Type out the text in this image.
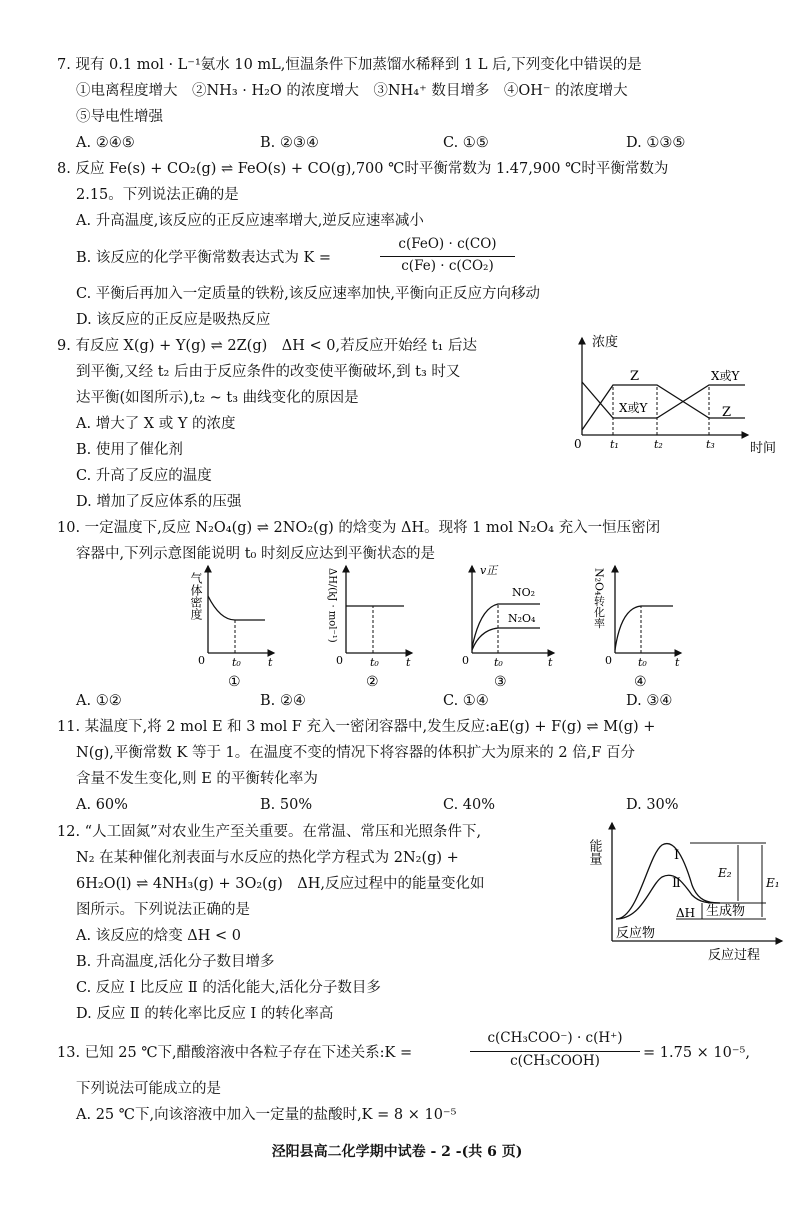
7. 现有 0.1 mol · L⁻¹氨水 10 mL,恒温条件下加蒸馏水稀释到 1 L 后,下列变化中错误的是
①电离程度增大　②NH₃ · H₂O 的浓度增大　③NH₄⁺ 数目增多　④OH⁻ 的浓度增大
⑤导电性增强
A. ②④⑤	B. ②③④	C. ①⑤	D. ①③⑤
8. 反应 Fe(s) + CO₂(g) ⇌ FeO(s) + CO(g),700 ℃时平衡常数为 1.47,900 ℃时平衡常数为
2.15。下列说法正确的是
A. 升高温度,该反应的正反应速率增大,逆反应速率减小
B. 该反应的化学平衡常数表达式为 K =
c(FeO) · c(CO)
c(Fe) · c(CO₂)
C. 平衡后再加入一定质量的铁粉,该反应速率加快,平衡向正反应方向移动
D. 该反应的正反应是吸热反应
9. 有反应 X(g) + Y(g) ⇌ 2Z(g)　ΔH < 0,若反应开始经 t₁ 后达
到平衡,又经 t₂ 后由于反应条件的改变使平衡破坏,到 t₃ 时又
达平衡(如图所示),t₂ ~ t₃ 曲线变化的原因是
A. 增大了 X 或 Y 的浓度
B. 使用了催化剂
C. 升高了反应的温度
D. 增加了反应体系的压强
浓度
时间
0	t₁	t₂	t₃
Z
X或Y
X或Y
Z
10. 一定温度下,反应 N₂O₄(g) ⇌ 2NO₂(g) 的焓变为 ΔH。现将 1 mol N₂O₄ 充入一恒压密闭
容器中,下列示意图能说明 t₀ 时刻反应达到平衡状态的是
气体密度
0 t₀ t
①
ΔH/(kJ · mol⁻¹)
0 t₀ t
②
v正
0 t₀	t
NO₂
N₂O₄
③
N₂O₄转化率
0 t₀	t
④
A. ①②	B. ②④	C. ①④	D. ③④
11. 某温度下,将 2 mol E 和 3 mol F 充入一密闭容器中,发生反应:aE(g) + F(g) ⇌ M(g) +
N(g),平衡常数 K 等于 1。在温度不变的情况下将容器的体积扩大为原来的 2 倍,F 百分
含量不发生变化,则 E 的平衡转化率为
A. 60%	B. 50%	C. 40%	D. 30%
12. “人工固氮”对农业生产至关重要。在常温、常压和光照条件下,
N₂ 在某种催化剂表面与水反应的热化学方程式为 2N₂(g) +
6H₂O(l) ⇌ 4NH₃(g) + 3O₂(g)　ΔH,反应过程中的能量变化如
图所示。下列说法正确的是
A. 该反应的焓变 ΔH < 0
B. 升高温度,活化分子数目增多
C. 反应 Ⅰ 比反应 Ⅱ 的活化能大,活化分子数目多
D. 反应 Ⅱ 的转化率比反应 Ⅰ 的转化率高
能量
反应过程
Ⅰ
Ⅱ
E₂
E₁
ΔH 生成物
反应物
13. 已知 25 ℃下,醋酸溶液中各粒子存在下述关系:K =
c(CH₃COO⁻) · c(H⁺)
c(CH₃COOH)	= 1.75 × 10⁻⁵,
下列说法可能成立的是
A. 25 ℃下,向该溶液中加入一定量的盐酸时,K = 8 × 10⁻⁵
泾阳县高二化学期中试卷 - 2 -(共 6 页)
